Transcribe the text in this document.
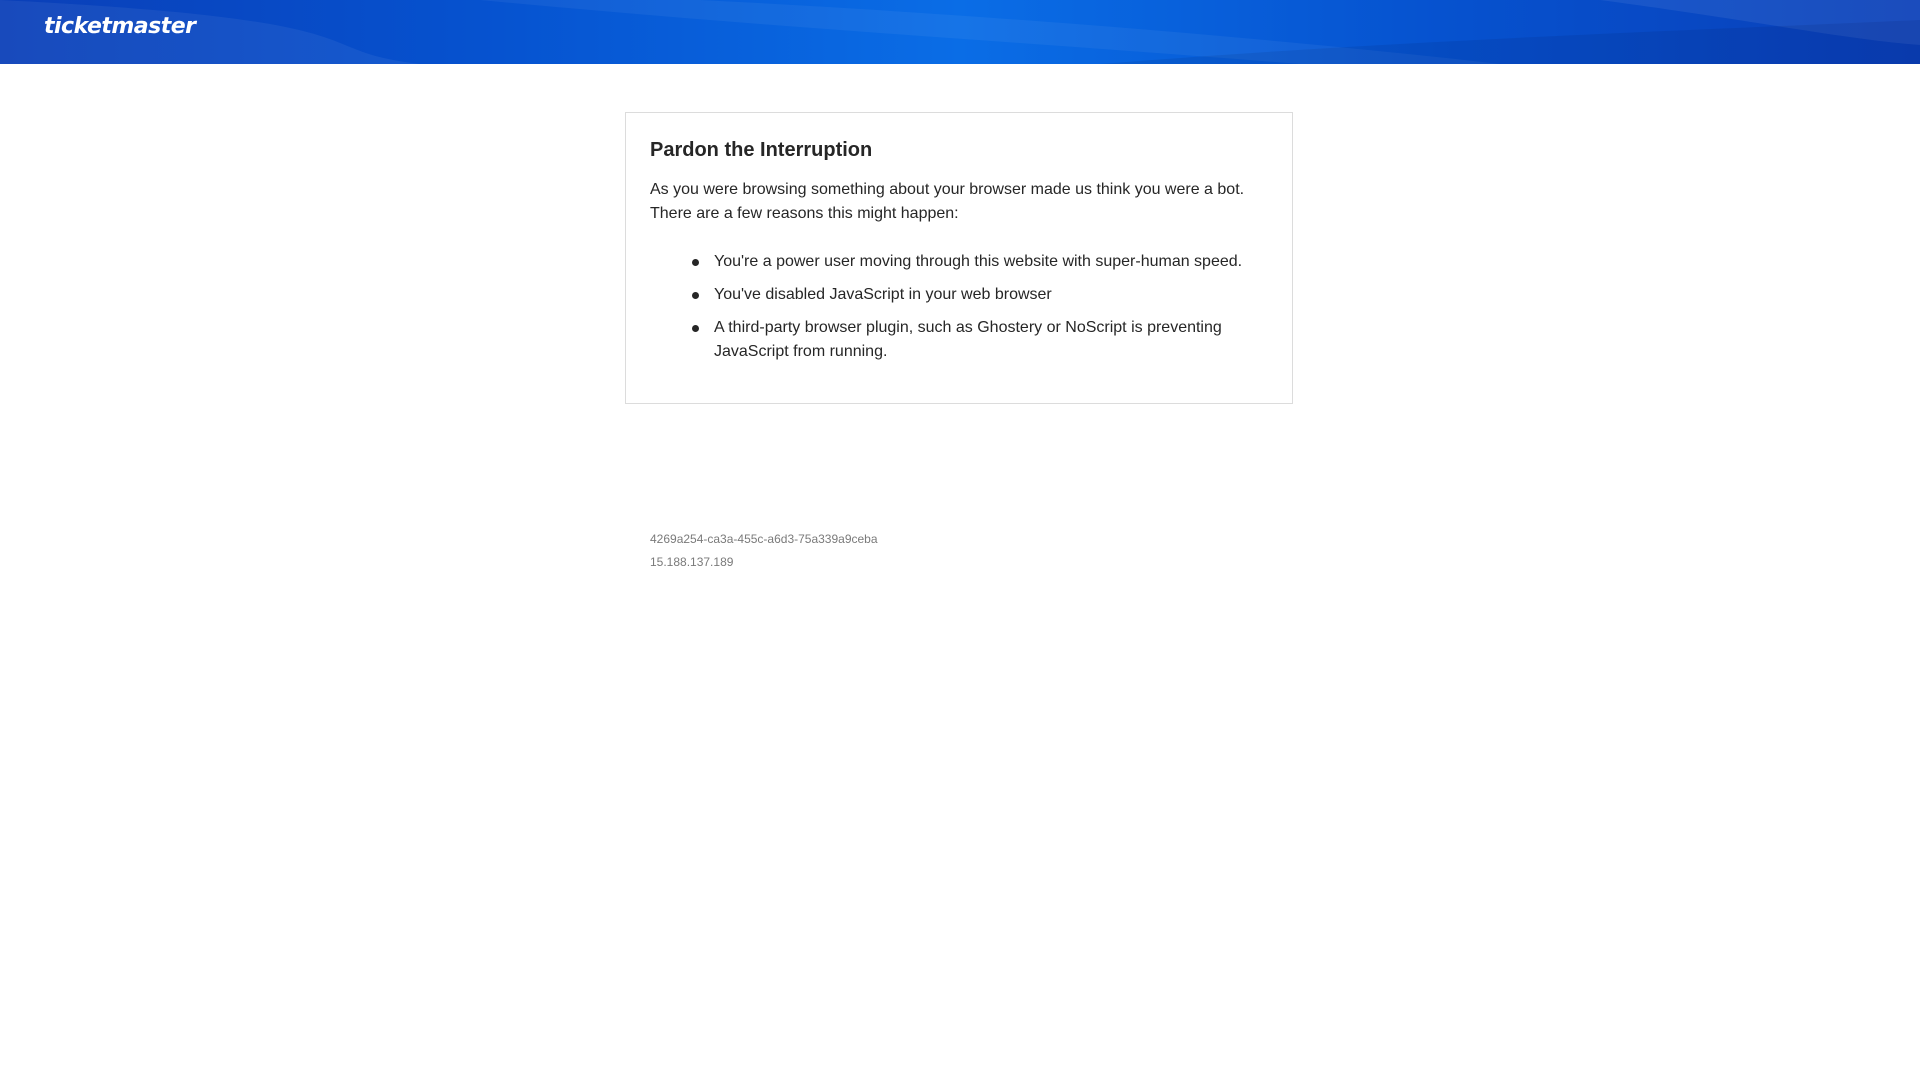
ticketmaster
Pardon the Interruption

As you were browsing something about your browser made us think you were a bot.
There are a few reasons this might happen:

You're a power user moving through this website with super-human speed.
You've disabled JavaScript in your web browser
A third-party browser plugin, such as Ghostery or NoScript is preventing JavaScript from running.
4269a254-ca3a-455c-a6d3-75a339a9ceba
15.188.137.189
